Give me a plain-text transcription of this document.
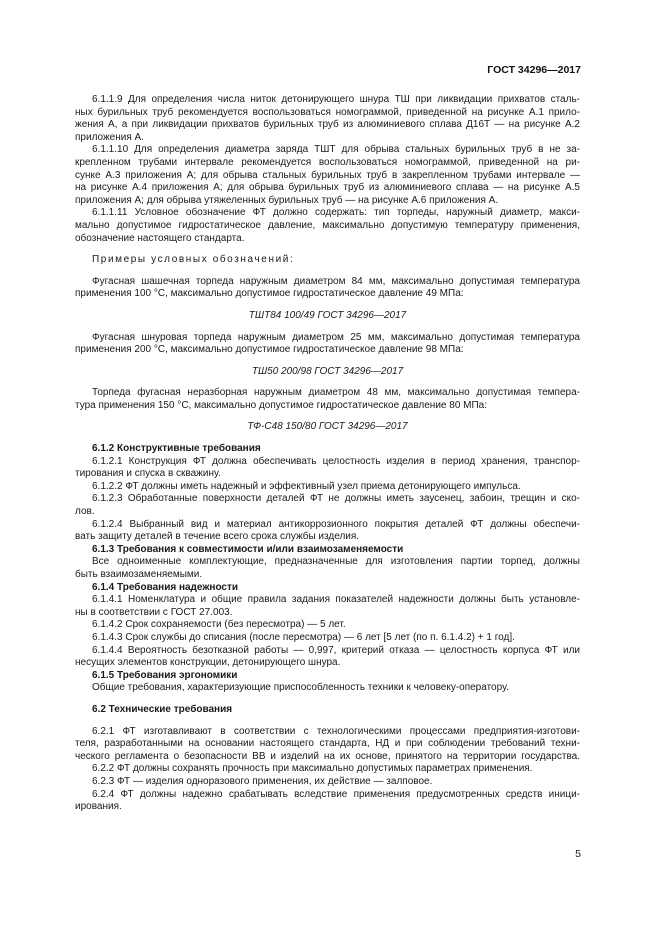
ГОСТ 34296—2017

6.1.1.9 Для определения числа ниток детонирующего шнура ТШ при ликвидации прихватов сталь-

ных бурильных труб рекомендуется воспользоваться номограммой, приведенной на рисунке А.1 прило-

жения А, а при ликвидации прихватов бурильных труб из алюминиевого сплава Д16Т — на рисунке А.2

приложения А.

6.1.1.10 Для определения диаметра заряда ТШТ для обрыва стальных бурильных труб в не за-

крепленном трубами интервале рекомендуется воспользоваться номограммой, приведенной на ри-

сунке А.3 приложения А; для обрыва стальных бурильных труб в закрепленном трубами интервале —

на рисунке А.4 приложения А; для обрыва бурильных труб из алюминиевого сплава — на рисунке А.5

приложения А; для обрыва утяжеленных бурильных труб — на рисунке А.6 приложения А.

6.1.1.11 Условное обозначение ФТ должно содержать: тип торпеды, наружный диаметр, макси-

мально допустимое гидростатическое давление, максимально допустимую температуру применения,

обозначение настоящего стандарта.

Примеры условных обозначений:

Фугасная шашечная торпеда наружным диаметром 84 мм, максимально допустимая температура

применения 100 °С, максимально допустимое гидростатическое давление 49 МПа:

ТШТ84 100/49 ГОСТ 34296—2017

Фугасная шнуровая торпеда наружным диаметром 25 мм, максимально допустимая температура

применения 200 °С, максимально допустимое гидростатическое давление 98 МПа:

ТШ50 200/98 ГОСТ 34296—2017

Торпеда фугасная неразборная наружным диаметром 48 мм, максимально допустимая темпера-

тура применения 150 °С, максимально допустимое гидростатическое давление 80 МПа:

ТФ-С48 150/80 ГОСТ 34296—2017

6.1.2 Конструктивные требования

6.1.2.1 Конструкция ФТ должна обеспечивать целостность изделия в период хранения, транспор-

тирования и спуска в скважину.

6.1.2.2 ФТ должны иметь надежный и эффективный узел приема детонирующего импульса.

6.1.2.3 Обработанные поверхности деталей ФТ не должны иметь заусенец, забоин, трещин и ско-

лов.

6.1.2.4 Выбранный вид и материал антикоррозионного покрытия деталей ФТ должны обеспечи-

вать защиту деталей в течение всего срока службы изделия.

6.1.3 Требования к совместимости и/или взаимозаменяемости

Все одноименные комплектующие, предназначенные для изготовления партии торпед, должны

быть взаимозаменяемыми.

6.1.4 Требования надежности

6.1.4.1 Номенклатура и общие правила задания показателей надежности должны быть установле-

ны в соответствии с ГОСТ 27.003.

6.1.4.2 Срок сохраняемости (без пересмотра) — 5 лет.

6.1.4.3 Срок службы до списания (после пересмотра) — 6 лет [5 лет (по п. 6.1.4.2) + 1 год].

6.1.4.4 Вероятность безотказной работы — 0,997, критерий отказа — целостность корпуса ФТ или

несущих элементов конструкции, детонирующего шнура.

6.1.5 Требования эргономики

Общие требования, характеризующие приспособленность техники к человеку-оператору.

6.2 Технические требования

6.2.1 ФТ изготавливают в соответствии с технологическими процессами предприятия-изготови-

теля, разработанными на основании настоящего стандарта, НД и при соблюдении требований техни-

ческого регламента о безопасности ВВ и изделий на их основе, принятого на территории государства.

6.2.2 ФТ должны сохранять прочность при максимально допустимых параметрах применения.

6.2.3 ФТ — изделия одноразового применения, их действие — залповое.

6.2.4 ФТ должны надежно срабатывать вследствие применения предусмотренных средств иници-

ирования.

5
